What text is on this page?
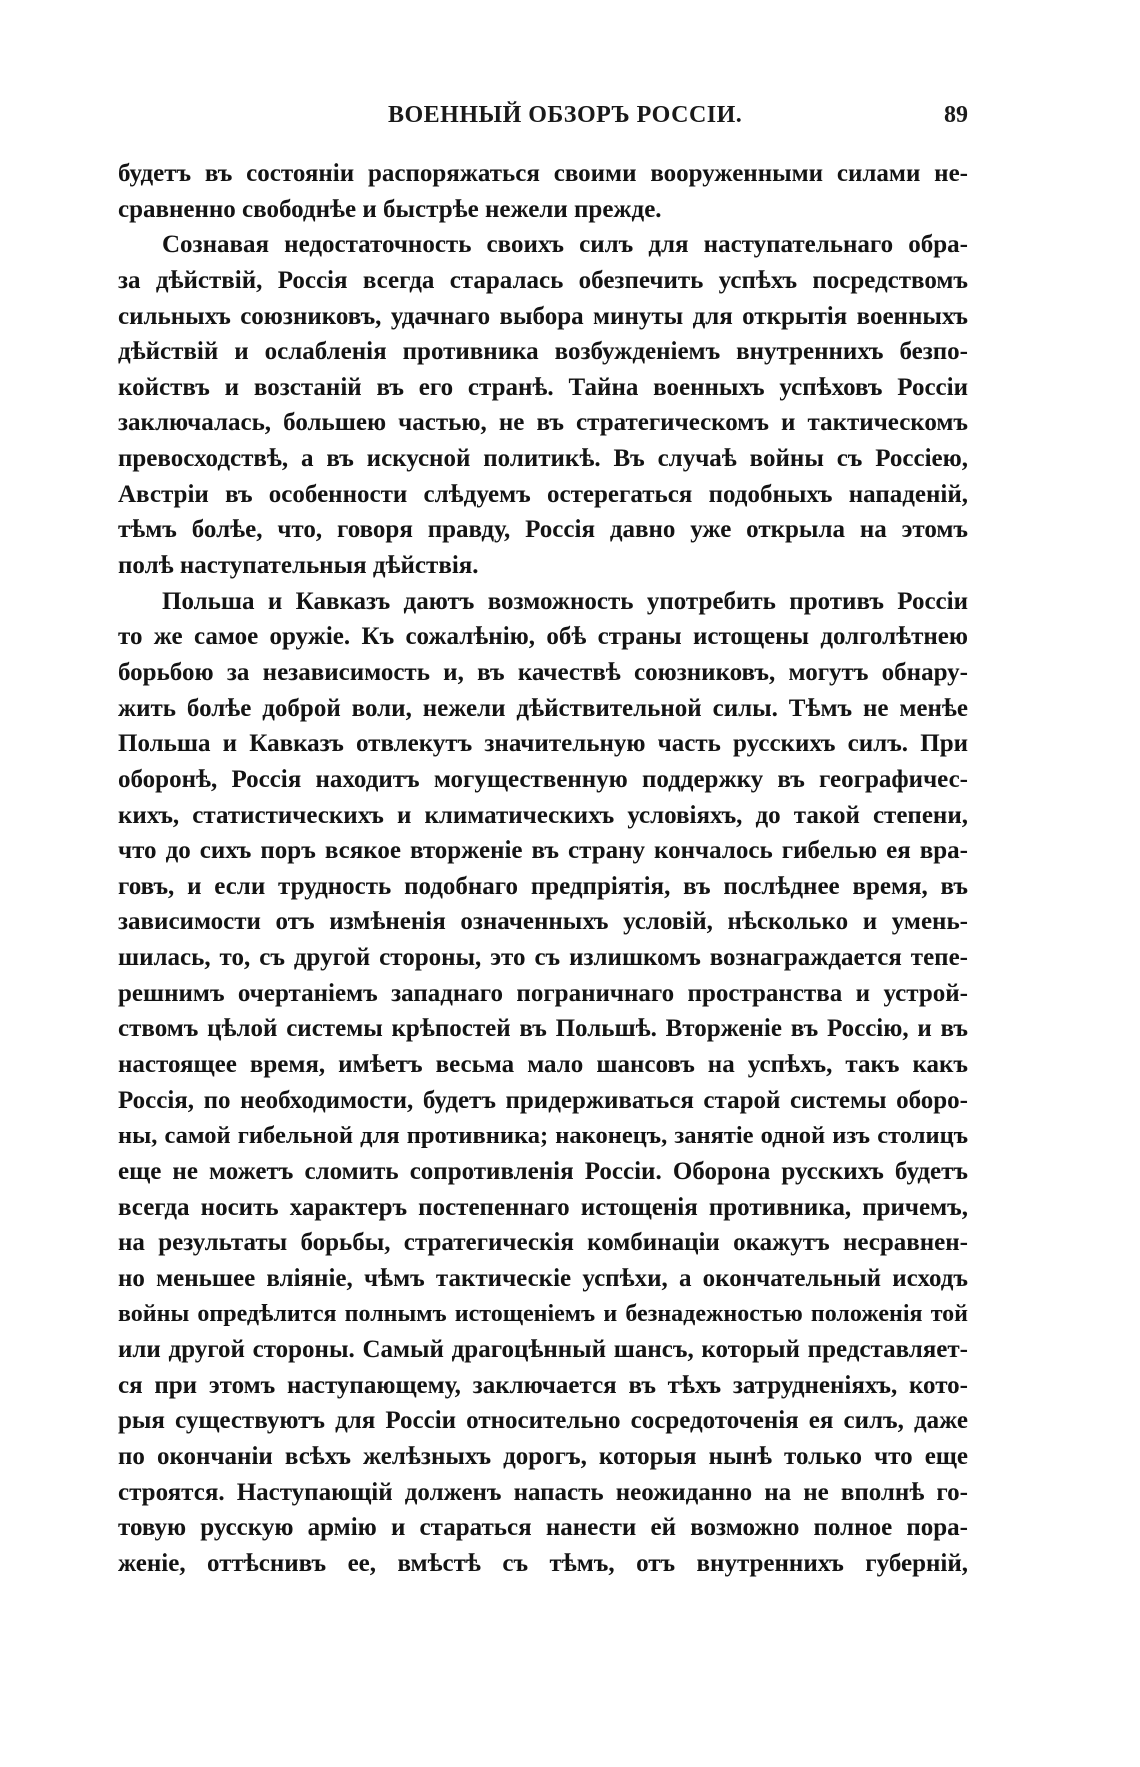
ВОЕННЫЙ ОБЗОРЪ РОССІИ.	89
будетъ въ состояніи распоряжаться своими вооруженными силами не-
сравненно свободнѣе и быстрѣе нежели прежде.
Сознавая недостаточность своихъ силъ для наступательнаго обра-
за дѣйствій, Россія всегда старалась обезпечить успѣхъ посредствомъ
сильныхъ союзниковъ, удачнаго выбора минуты для открытія военныхъ
дѣйствій и ослабленія противника возбужденіемъ внутреннихъ безпо-
койствъ и возстаній въ его странѣ. Тайна военныхъ успѣховъ Россіи
заключалась, большею частью, не въ стратегическомъ и тактическомъ
превосходствѣ, а въ искусной политикѣ. Въ случаѣ войны съ Россіею,
Австріи въ особенности слѣдуемъ остерегаться подобныхъ нападеній,
тѣмъ болѣе, что, говоря правду, Россія давно уже открыла на этомъ
полѣ наступательныя дѣйствія.
Польша и Кавказъ даютъ возможность употребить противъ Россіи
то же самое оружіе. Къ сожалѣнію, обѣ страны истощены долголѣтнею
борьбою за независимость и, въ качествѣ союзниковъ, могутъ обнару-
жить болѣе доброй воли, нежели дѣйствительной силы. Тѣмъ не менѣе
Польша и Кавказъ отвлекутъ значительную часть русскихъ силъ. При
оборонѣ, Россія находитъ могущественную поддержку въ географичес-
кихъ, статистическихъ и климатическихъ условіяхъ, до такой степени,
что до сихъ поръ всякое вторженіе въ страну кончалось гибелью ея вра-
говъ, и если трудность подобнаго предпріятія, въ послѣднее время, въ
зависимости отъ измѣненія означенныхъ условій, нѣсколько и умень-
шилась, то, съ другой стороны, это съ излишкомъ вознаграждается тепе-
решнимъ очертаніемъ западнаго пограничнаго пространства и устрой-
ствомъ цѣлой системы крѣпостей въ Польшѣ. Вторженіе въ Россію, и въ
настоящее время, имѣетъ весьма мало шансовъ на успѣхъ, такъ какъ
Россія, по необходимости, будетъ придерживаться старой системы оборо-
ны, самой гибельной для противника; наконецъ, занятіе одной изъ столицъ
еще не можетъ сломить сопротивленія Россіи. Оборона русскихъ будетъ
всегда носить характеръ постепеннаго истощенія противника, причемъ,
на результаты борьбы, стратегическія комбинаціи окажутъ несравнен-
но меньшее вліяніе, чѣмъ тактическіе успѣхи, а окончательный исходъ
войны опредѣлится полнымъ истощеніемъ и безнадежностью положенія той
или другой стороны. Самый драгоцѣнный шансъ, который представляет-
ся при этомъ наступающему, заключается въ тѣхъ затрудненіяхъ, кото-
рыя существуютъ для Россіи относительно сосредоточенія ея силъ, даже
по окончаніи всѣхъ желѣзныхъ дорогъ, которыя нынѣ только что еще
строятся. Наступающій долженъ напасть неожиданно на не вполнѣ го-
товую русскую армію и стараться нанести ей возможно полное пора-
женіе, оттѣснивъ ее, вмѣстѣ съ тѣмъ, отъ внутреннихъ губерній,
